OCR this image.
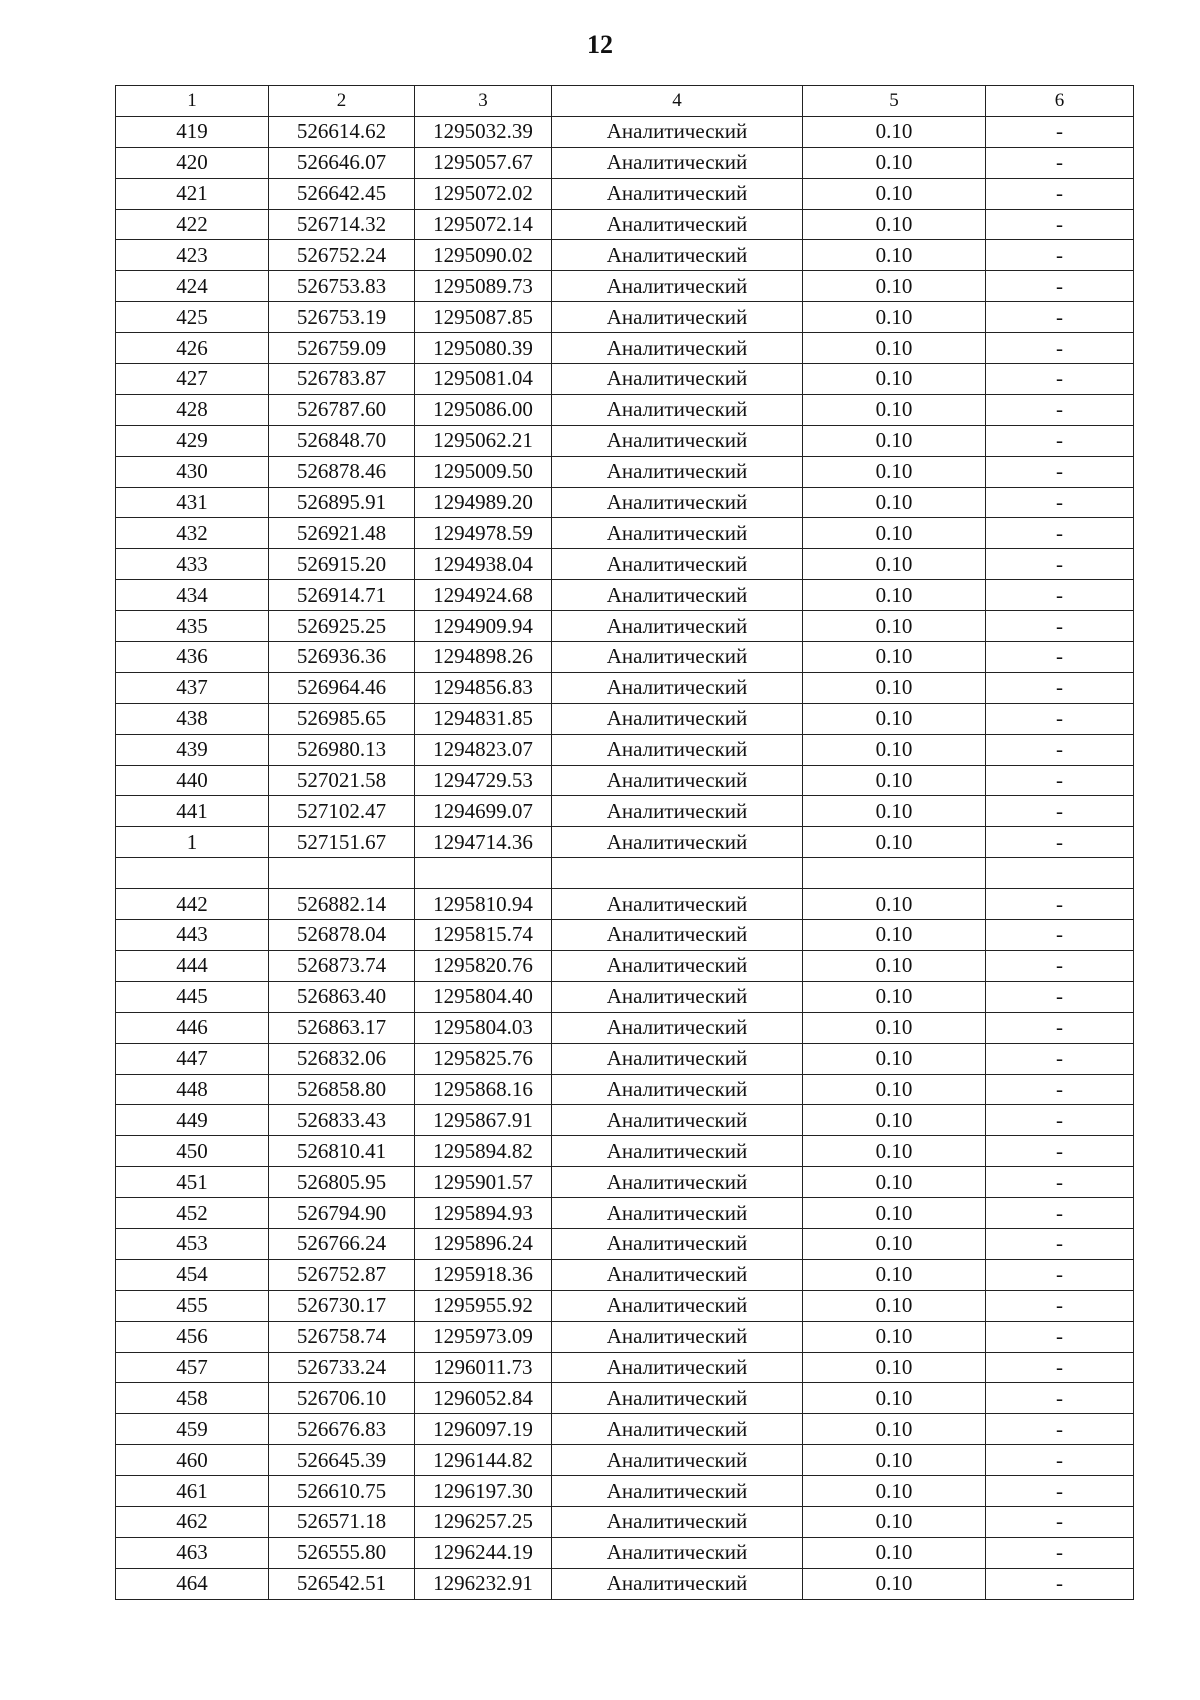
12
1	2	3	4	5	6
419	526614.62	1295032.39	Аналитический	0.10	-
420	526646.07	1295057.67	Аналитический	0.10	-
421	526642.45	1295072.02	Аналитический	0.10	-
422	526714.32	1295072.14	Аналитический	0.10	-
423	526752.24	1295090.02	Аналитический	0.10	-
424	526753.83	1295089.73	Аналитический	0.10	-
425	526753.19	1295087.85	Аналитический	0.10	-
426	526759.09	1295080.39	Аналитический	0.10	-
427	526783.87	1295081.04	Аналитический	0.10	-
428	526787.60	1295086.00	Аналитический	0.10	-
429	526848.70	1295062.21	Аналитический	0.10	-
430	526878.46	1295009.50	Аналитический	0.10	-
431	526895.91	1294989.20	Аналитический	0.10	-
432	526921.48	1294978.59	Аналитический	0.10	-
433	526915.20	1294938.04	Аналитический	0.10	-
434	526914.71	1294924.68	Аналитический	0.10	-
435	526925.25	1294909.94	Аналитический	0.10	-
436	526936.36	1294898.26	Аналитический	0.10	-
437	526964.46	1294856.83	Аналитический	0.10	-
438	526985.65	1294831.85	Аналитический	0.10	-
439	526980.13	1294823.07	Аналитический	0.10	-
440	527021.58	1294729.53	Аналитический	0.10	-
441	527102.47	1294699.07	Аналитический	0.10	-
1	527151.67	1294714.36	Аналитический	0.10	-

442	526882.14	1295810.94	Аналитический	0.10	-
443	526878.04	1295815.74	Аналитический	0.10	-
444	526873.74	1295820.76	Аналитический	0.10	-
445	526863.40	1295804.40	Аналитический	0.10	-
446	526863.17	1295804.03	Аналитический	0.10	-
447	526832.06	1295825.76	Аналитический	0.10	-
448	526858.80	1295868.16	Аналитический	0.10	-
449	526833.43	1295867.91	Аналитический	0.10	-
450	526810.41	1295894.82	Аналитический	0.10	-
451	526805.95	1295901.57	Аналитический	0.10	-
452	526794.90	1295894.93	Аналитический	0.10	-
453	526766.24	1295896.24	Аналитический	0.10	-
454	526752.87	1295918.36	Аналитический	0.10	-
455	526730.17	1295955.92	Аналитический	0.10	-
456	526758.74	1295973.09	Аналитический	0.10	-
457	526733.24	1296011.73	Аналитический	0.10	-
458	526706.10	1296052.84	Аналитический	0.10	-
459	526676.83	1296097.19	Аналитический	0.10	-
460	526645.39	1296144.82	Аналитический	0.10	-
461	526610.75	1296197.30	Аналитический	0.10	-
462	526571.18	1296257.25	Аналитический	0.10	-
463	526555.80	1296244.19	Аналитический	0.10	-
464	526542.51	1296232.91	Аналитический	0.10	-
